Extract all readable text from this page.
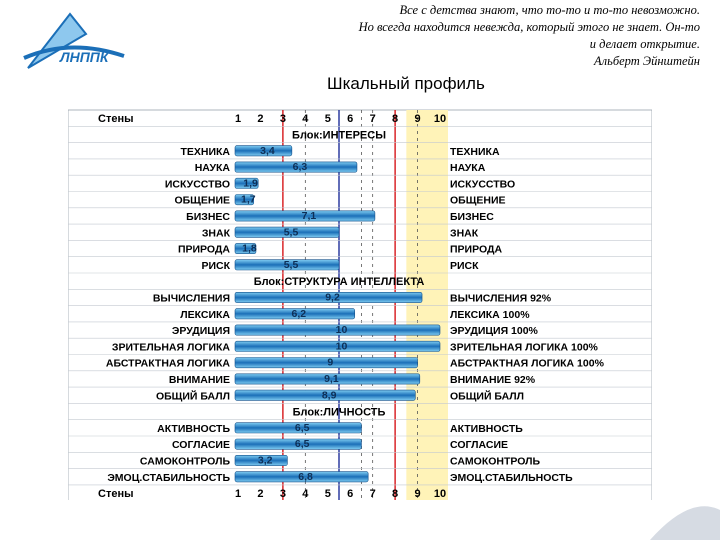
ЛНППК
Все с детства знают, что то-то и то-то невозможно.
Но всегда находится невежда, который этого не знает. Он-то
и делает открытие.
Альберт Эйнштейн
Шкальный профиль
Стены	1 2 3 4 5 6 7 8 9 10
Блок:ИНТЕРЕСЫ
ТЕХНИКА	3,4	ТЕХНИКА
НАУКА	6,3	НАУКА
ИСКУССТВО 1,9	ИСКУССТВО
ОБЩЕНИЕ 1,7	ОБЩЕНИЕ
БИЗНЕС	7,1	БИЗНЕС
ЗНАК	5,5	ЗНАК
ПРИРОДА 1,8	ПРИРОДА
РИСК	5,5	РИСК
Блок:СТРУКТУРА ИНТЕЛЛЕКТА
ВЫЧИСЛЕНИЯ	9,2	ВЫЧИСЛЕНИЯ 92%
ЛЕКСИКА	6,2	ЛЕКСИКА 100%
ЭРУДИЦИЯ	10	ЭРУДИЦИЯ 100%
ЗРИТЕЛЬНАЯ ЛОГИКА	10	ЗРИТЕЛЬНАЯ ЛОГИКА 100%
АБСТРАКТНАЯ ЛОГИКА	9	АБСТРАКТНАЯ ЛОГИКА 100%
ВНИМАНИЕ	9,1	ВНИМАНИЕ 92%
ОБЩИЙ БАЛЛ	8,9	ОБЩИЙ БАЛЛ
Блок:ЛИЧНОСТЬ
АКТИВНОСТЬ	6,5	АКТИВНОСТЬ
СОГЛАСИЕ	6,5	СОГЛАСИЕ
САМОКОНТРОЛЬ	3,2	САМОКОНТРОЛЬ
ЭМОЦ.СТАБИЛЬНОСТЬ	6,8	ЭМОЦ.СТАБИЛЬНОСТЬ
Стены	1 2 3 4 5 6 7 8 9 10
